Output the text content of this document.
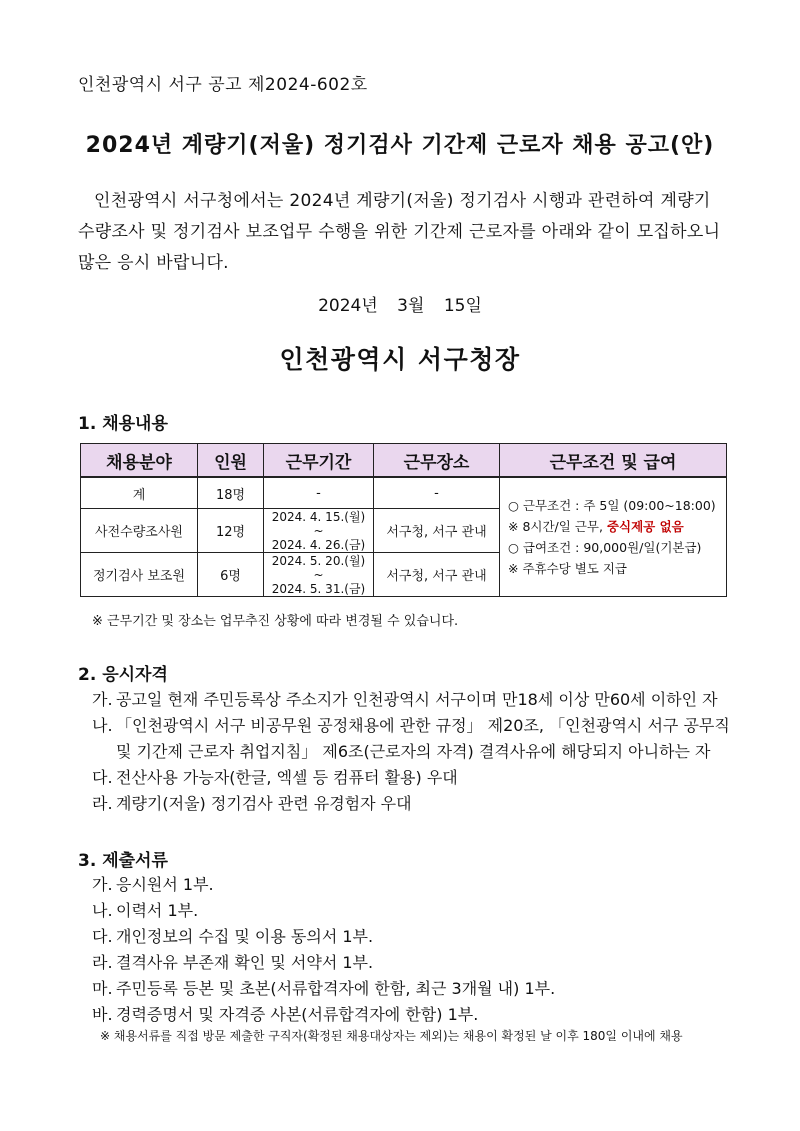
인천광역시 서구 공고 제2024-602호
2024년 계량기(저울) 정기검사 기간제 근로자 채용 공고(안)

인천광역시 서구청에서는 2024년 계량기(저울) 정기검사 시행과 관련하여 계량기 수량조사 및 정기검사 보조업무 수행을 위한 기간제 근로자를 아래와 같이 모집하오니 많은 응시 바랍니다.

2024년 3월 15일
인천광역시 서구청장
1. 채용내용
채용분야	인원	근무기간	근무장소	근무조건 및 급여
계	18명	-	-	○ 근무조건 : 주 5일 (09:00~18:00)
※ 8시간/일 근무, 중식제공 없음
○ 급여조건 : 90,000원/일(기본급)
※ 주휴수당 별도 지급

사전수량조사원	12명	2024. 4. 15.(월)
~
2024. 4. 26.(금)	서구청, 서구 관내	
정기검사 보조원	6명	2024. 5. 20.(월)
~
2024. 5. 31.(금)	서구청, 서구 관내	
※ 근무기간 및 장소는 업무추진 상황에 따라 변경될 수 있습니다.
2. 응시자격
가. 공고일 현재 주민등록상 주소지가 인천광역시 서구이며 만18세 이상 만60세 이하인 자
나. 「인천광역시 서구 비공무원 공정채용에 관한 규정」 제20조, 「인천광역시 서구 공무직
및 기간제 근로자 취업지침」 제6조(근로자의 자격) 결격사유에 해당되지 아니하는 자
다. 전산사용 가능자(한글, 엑셀 등 컴퓨터 활용) 우대
라. 계량기(저울) 정기검사 관련 유경험자 우대
3. 제출서류
가. 응시원서 1부.
나. 이력서 1부.
다. 개인정보의 수집 및 이용 동의서 1부.
라. 결격사유 부존재 확인 및 서약서 1부.
마. 주민등록 등본 및 초본(서류합격자에 한함, 최근 3개월 내) 1부.
바. 경력증명서 및 자격증 사본(서류합격자에 한함) 1부.
※ 채용서류를 직접 방문 제출한 구직자(확정된 채용대상자는 제외)는 채용이 확정된 날 이후 180일 이내에 채용
